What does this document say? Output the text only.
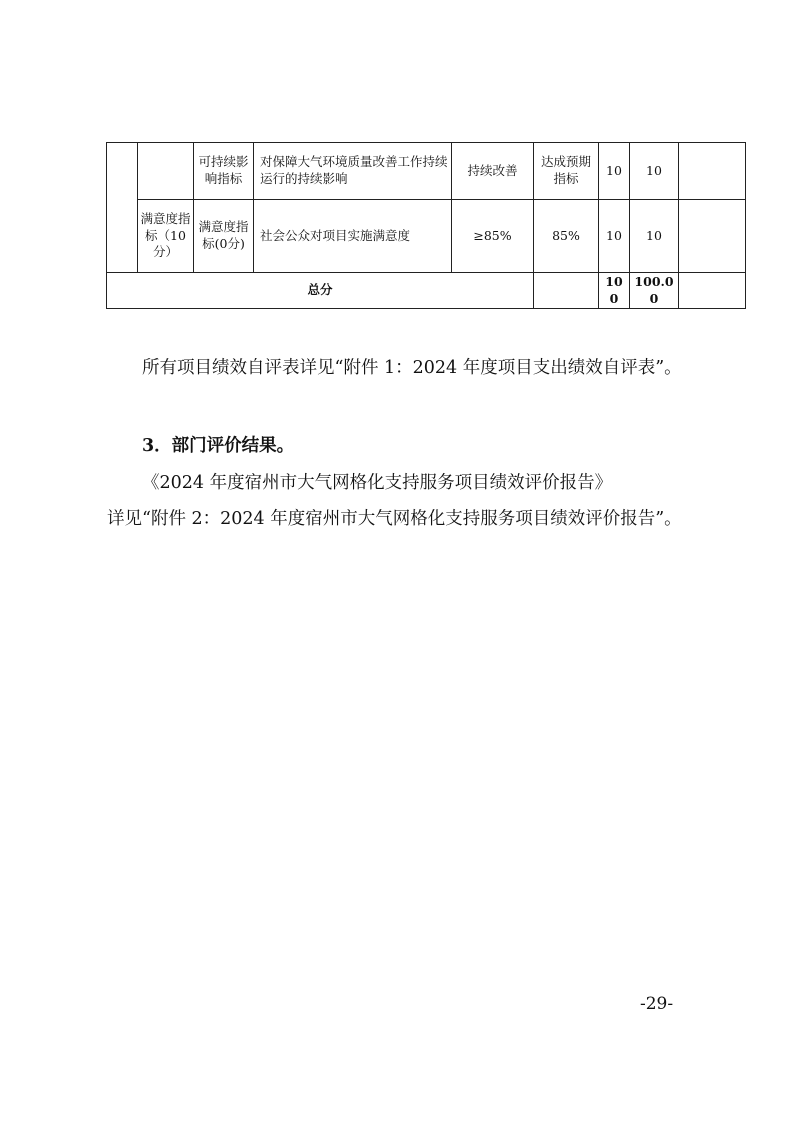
		可持续影响指标	对保障大气环境质量改善工作持续运行的持续影响	持续改善	达成预期指标	10	10	
	满意度指标（10分）	满意度指标(0分)	社会公众对项目实施满意度	≥85%	85%	10	10	
总分						100	100.00	

所有项目绩效自评表详见“附件 1：2024 年度项目支出绩效自评表”。

3．部门评价结果。

《2024 年度宿州市大气网格化支持服务项目绩效评价报告》
详见“附件 2：2024 年度宿州市大气网格化支持服务项目绩效评价报告”。

-29-
